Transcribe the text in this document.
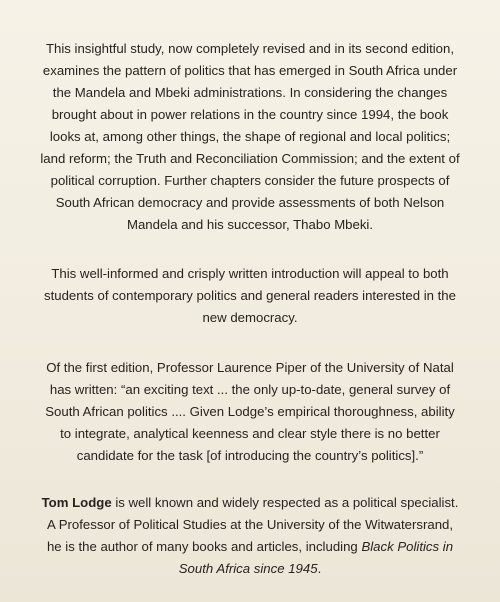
This insightful study, now completely revised and in its second edition, examines the pattern of politics that has emerged in South Africa under the Mandela and Mbeki administrations. In considering the changes brought about in power relations in the country since 1994, the book looks at, among other things, the shape of regional and local politics; land reform; the Truth and Reconciliation Commission; and the extent of political corruption. Further chapters consider the future prospects of South African democracy and provide assessments of both Nelson Mandela and his successor, Thabo Mbeki.

This well-informed and crisply written introduction will appeal to both students of contemporary politics and general readers interested in the new democracy.

Of the first edition, Professor Laurence Piper of the University of Natal has written: “an exciting text ... the only up-to-date, general survey of South African politics .... Given Lodge’s empirical thoroughness, ability to integrate, analytical keenness and clear style there is no better candidate for the task [of introducing the country’s politics].”

Tom Lodge is well known and widely respected as a political specialist. A Professor of Political Studies at the University of the Witwatersrand, he is the author of many books and articles, including Black Politics in South Africa since 1945.
